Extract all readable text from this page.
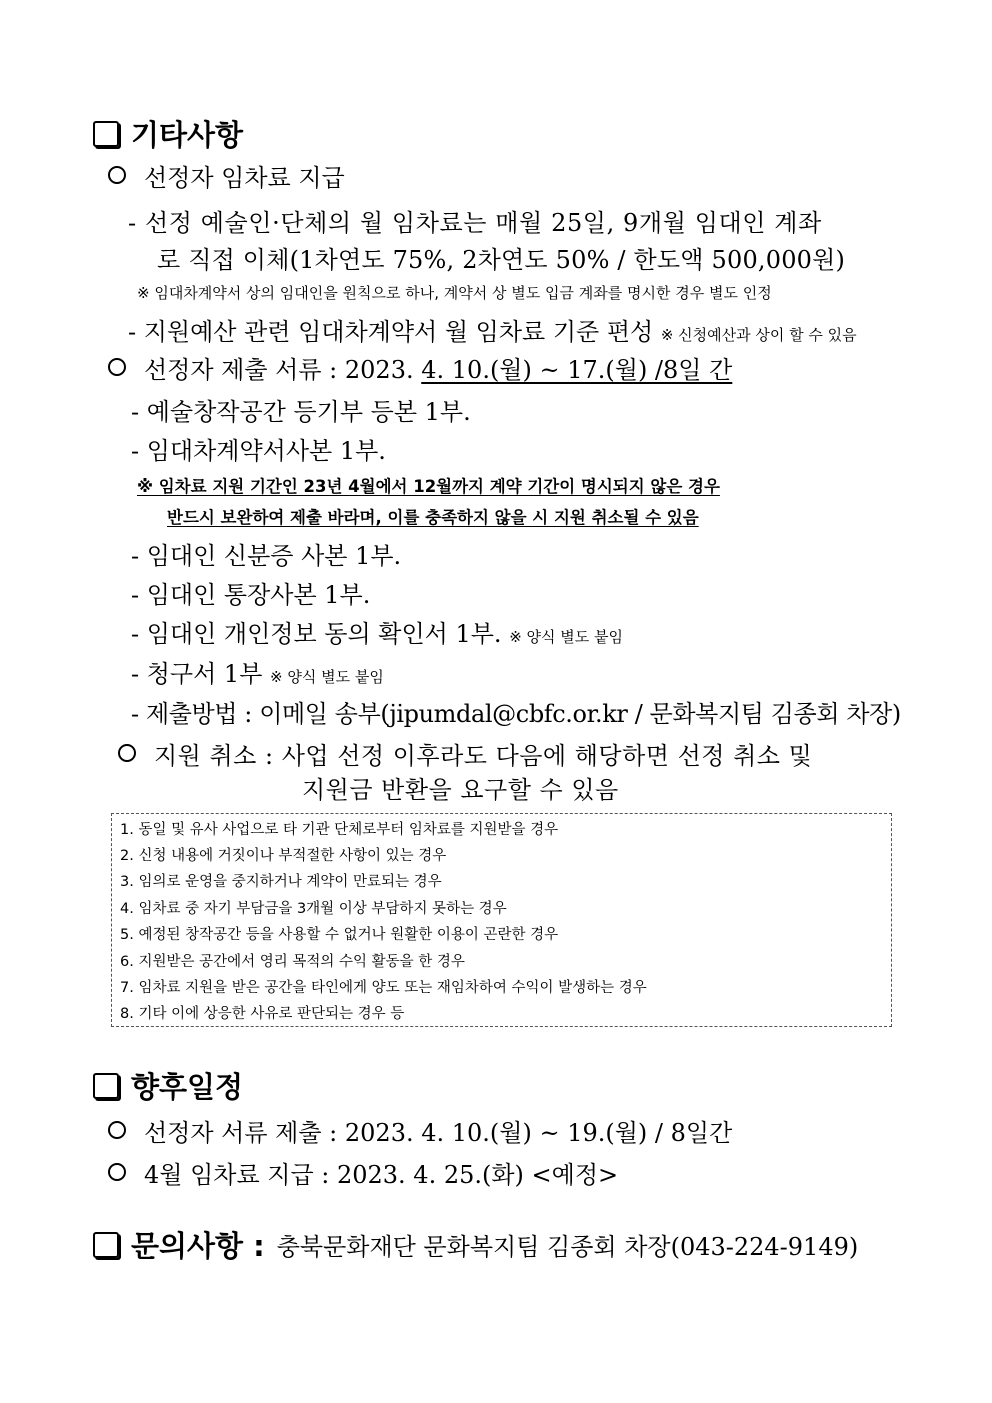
기타사항
선정자 임차료 지급
- 선정 예술인·단체의 월 임차료는 매월 25일, 9개월 임대인 계좌
로 직접 이체(1차연도 75%, 2차연도 50% / 한도액 500,000원)
※ 임대차계약서 상의 임대인을 원칙으로 하나, 계약서 상 별도 입금 계좌를 명시한 경우 별도 인정
- 지원예산 관련 임대차계약서 월 임차료 기준 편성 ※ 신청예산과 상이 할 수 있음
선정자 제출 서류 : 2023. 4. 10.(월) ~ 17.(월) /8일 간
- 예술창작공간 등기부 등본 1부.
- 임대차계약서사본 1부.
※ 임차료 지원 기간인 23년 4월에서 12월까지 계약 기간이 명시되지 않은 경우
반드시 보완하여 제출 바라며, 이를 충족하지 않을 시 지원 취소될 수 있음
- 임대인 신분증 사본 1부.
- 임대인 통장사본 1부.
- 임대인 개인정보 동의 확인서 1부. ※ 양식 별도 붙임
- 청구서 1부 ※ 양식 별도 붙임
- 제출방법 : 이메일 송부(jipumdal@cbfc.or.kr / 문화복지팀 김종회 차장)
지원 취소 : 사업 선정 이후라도 다음에 해당하면 선정 취소 및
지원금 반환을 요구할 수 있음
1. 동일 및 유사 사업으로 타 기관 단체로부터 임차료를 지원받을 경우
2. 신청 내용에 거짓이나 부적절한 사항이 있는 경우
3. 임의로 운영을 중지하거나 계약이 만료되는 경우
4. 임차료 중 자기 부담금을 3개월 이상 부담하지 못하는 경우
5. 예정된 창작공간 등을 사용할 수 없거나 원활한 이용이 곤란한 경우
6. 지원받은 공간에서 영리 목적의 수익 활동을 한 경우
7. 임차료 지원을 받은 공간을 타인에게 양도 또는 재임차하여 수익이 발생하는 경우
8. 기타 이에 상응한 사유로 판단되는 경우 등
향후일정
선정자 서류 제출 : 2023. 4. 10.(월) ~ 19.(월) / 8일간
4월 임차료 지급 : 2023. 4. 25.(화) <예정>
문의사항 : 충북문화재단 문화복지팀 김종회 차장(043-224-9149)
